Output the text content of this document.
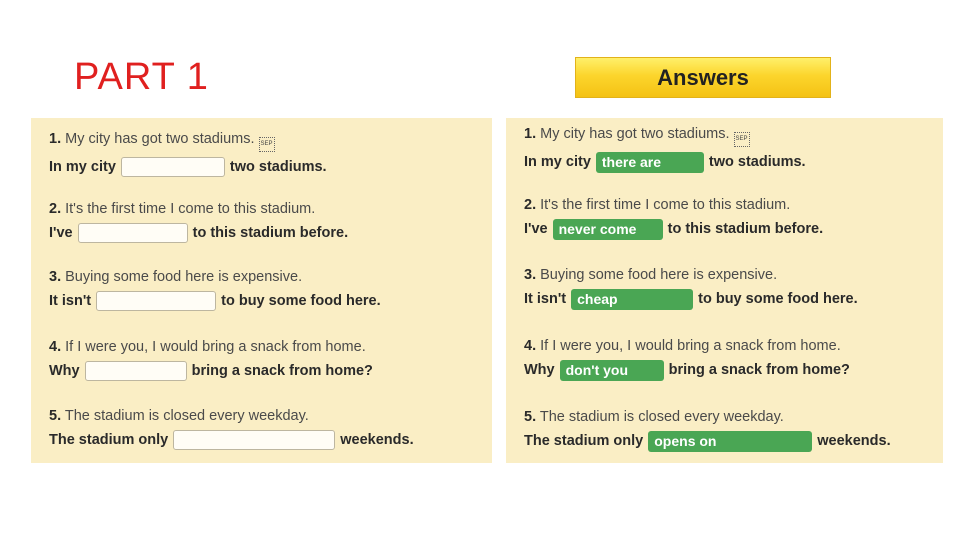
PART 1	Answers
1. My city has got two stadiums. SEP
In my city	two stadiums.
2. It's the first time I come to this stadium.
I've	to this stadium before.
3. Buying some food here is expensive.
It isn't	to buy some food here.
4. If I were you, I would bring a snack from home.
Why	bring a snack from home?
5. The stadium is closed every weekday.
The stadium only	weekends.
1. My city has got two stadiums. SEP
In my city there are	two stadiums.
2. It's the first time I come to this stadium.
I've never come	to this stadium before.
3. Buying some food here is expensive.
It isn't cheap	to buy some food here.
4. If I were you, I would bring a snack from home.
Why don't you	bring a snack from home?
5. The stadium is closed every weekday.
The stadium only opens on	weekends.
